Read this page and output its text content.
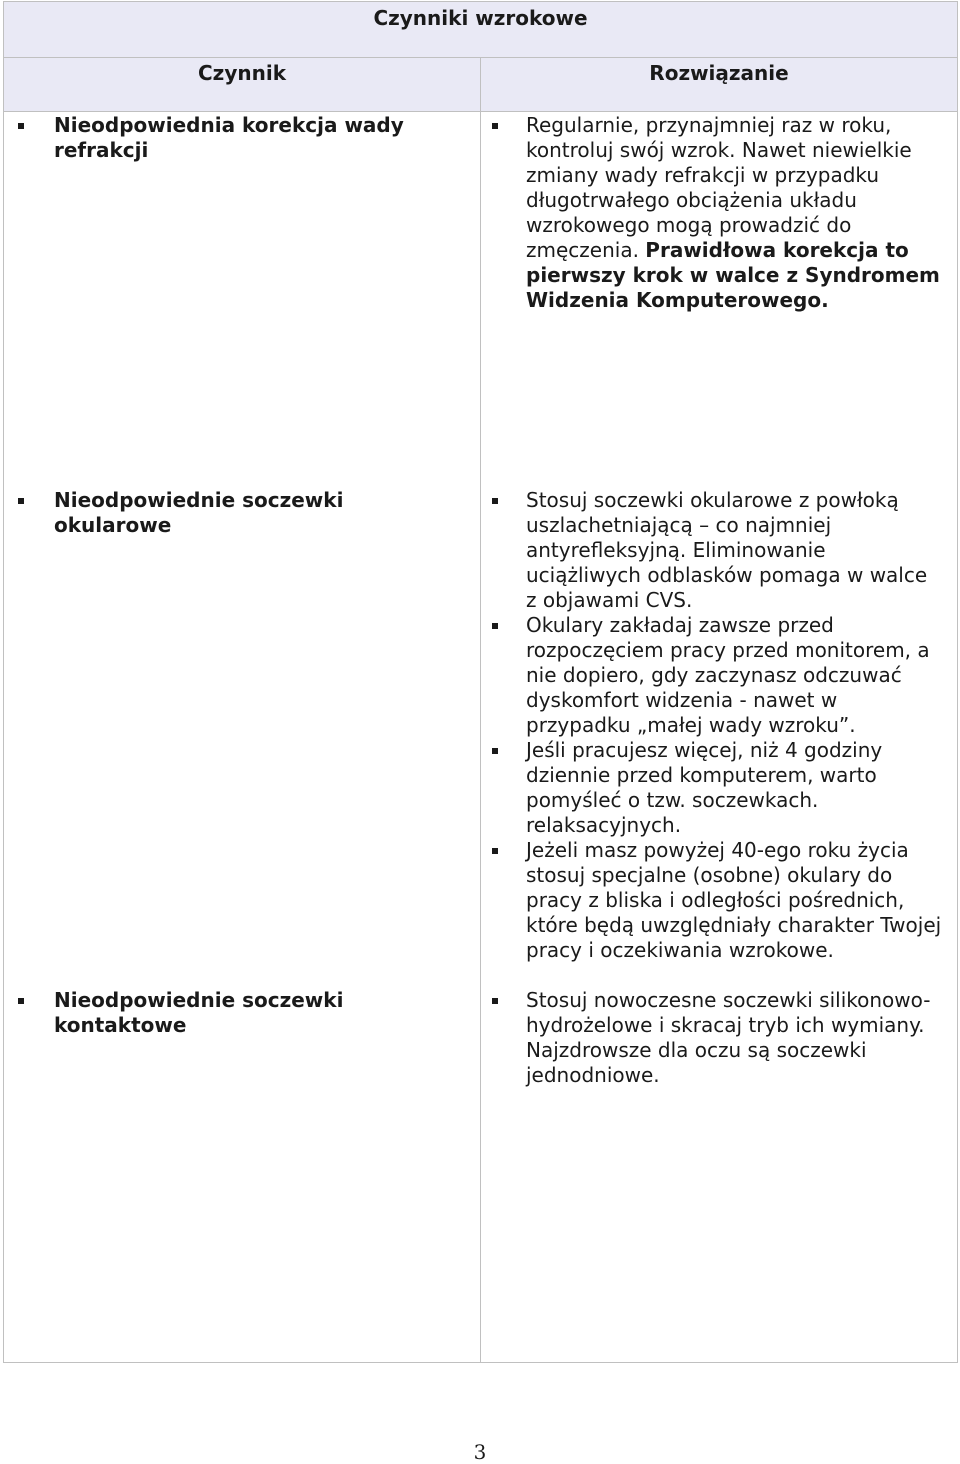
Czynniki wzrokowe
Czynnik	Rozwiązanie
Nieodpowiednia korekcja wady refrakcji
Regularnie, przynajmniej raz w roku, kontroluj swój wzrok. Nawet niewielkie zmiany wady refrakcji w przypadku długotrwałego obciążenia układu wzrokowego mogą prowadzić do zmęczenia. Prawidłowa korekcja to pierwszy krok w walce z Syndromem Widzenia Komputerowego.
Nieodpowiednie soczewki okularowe
Stosuj soczewki okularowe z powłoką uszlachetniającą – co najmniej antyrefleksyjną. Eliminowanie uciążliwych odblasków pomaga w walce z objawami CVS.
Okulary zakładaj zawsze przed rozpoczęciem pracy przed monitorem, a nie dopiero, gdy zaczynasz odczuwać dyskomfort widzenia - nawet w przypadku „małej wady wzroku”.
Jeśli pracujesz więcej, niż 4 godziny dziennie przed komputerem, warto pomyśleć o tzw. soczewkach. relaksacyjnych.
Jeżeli masz powyżej 40-ego roku życia stosuj specjalne (osobne) okulary do pracy z bliska i odległości pośrednich, które będą uwzględniały charakter Twojej pracy i oczekiwania wzrokowe.
Nieodpowiednie soczewki kontaktowe
Stosuj nowoczesne soczewki silikonowo-hydrożelowe i skracaj tryb ich wymiany. Najzdrowsze dla oczu są soczewki jednodniowe.
3
